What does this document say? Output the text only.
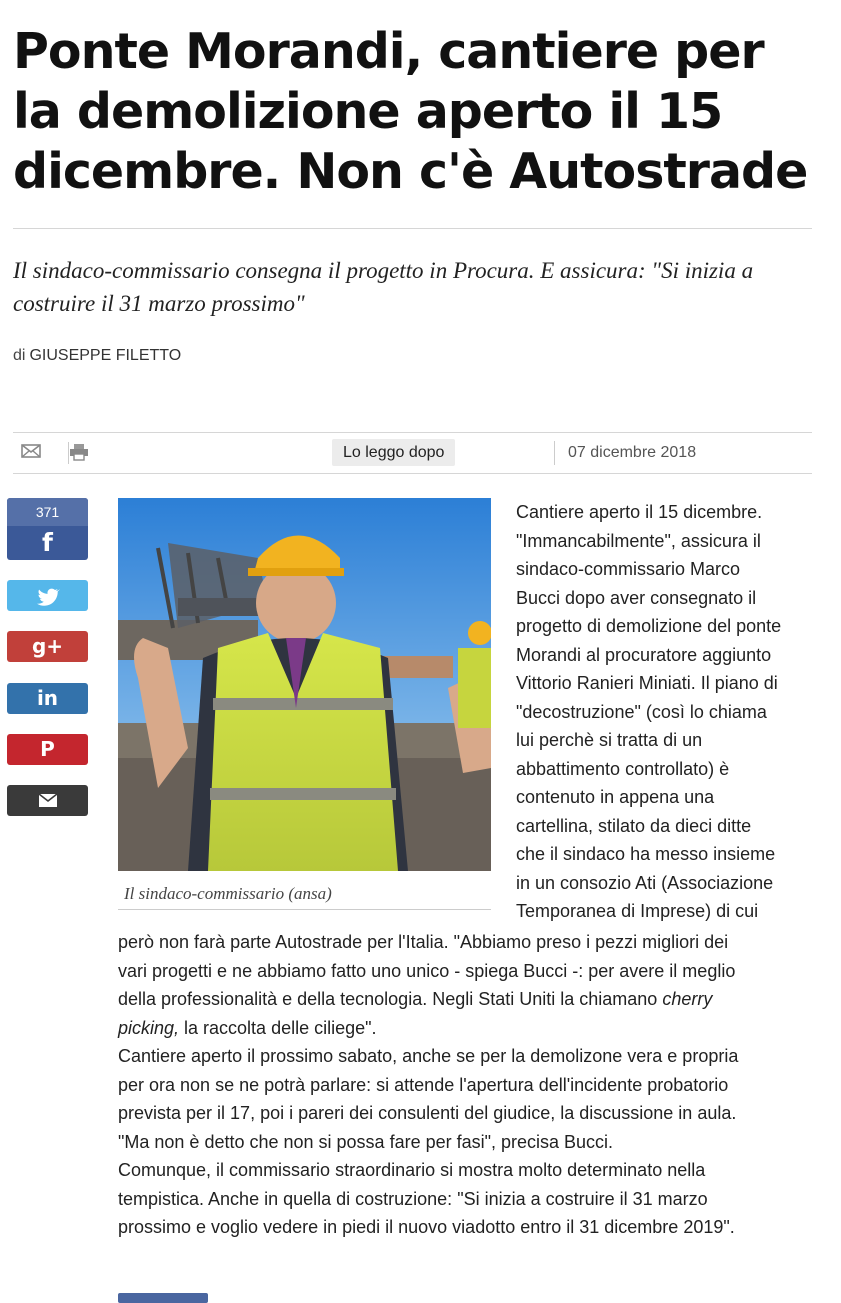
Ponte Morandi, cantiere per la demolizione aperto il 15 dicembre. Non c'è Autostrade

Il sindaco-commissario consegna il progetto in Procura. E assicura: "Si inizia a costruire il 31 marzo prossimo"

di GIUSEPPE FILETTO
Lo leggo dopo	07 dicembre 2018
371
f
g+
in
P
Il sindaco-commissario (ansa)

Cantiere aperto il 15 dicembre.

"Immancabilmente", assicura il

sindaco-commissario Marco

Bucci dopo aver consegnato il

progetto di demolizione del ponte

Morandi al procuratore aggiunto

Vittorio Ranieri Miniati. Il piano di

"decostruzione" (così lo chiama

lui perchè si tratta di un

abbattimento controllato) è

contenuto in appena una

cartellina, stilato da dieci ditte

che il sindaco ha messo insieme

in un consozio Ati (Associazione

Temporanea di Imprese) di cui

però non farà parte Autostrade per l'Italia. "Abbiamo preso i pezzi migliori dei

vari progetti e ne abbiamo fatto uno unico - spiega Bucci -: per avere il meglio

della professionalità e della tecnologia. Negli Stati Uniti la chiamano cherry

picking, la raccolta delle ciliege".

Cantiere aperto il prossimo sabato, anche se per la demolizone vera e propria

per ora non se ne potrà parlare: si attende l'apertura dell'incidente probatorio

prevista per il 17, poi i pareri dei consulenti del giudice, la discussione in aula.

"Ma non è detto che non si possa fare per fasi", precisa Bucci.

Comunque, il commissario straordinario si mostra molto determinato nella

tempistica. Anche in quella di costruzione: "Si inizia a costruire il 31 marzo

prossimo e voglio vedere in piedi il nuovo viadotto entro il 31 dicembre 2019".
